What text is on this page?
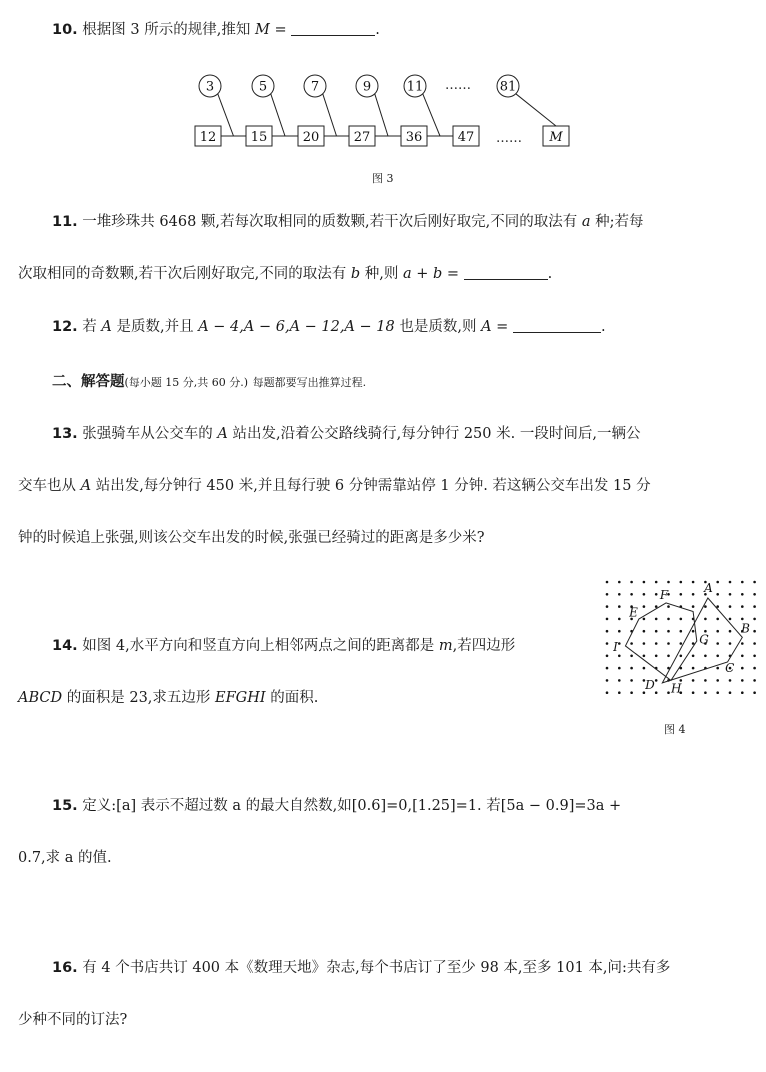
10. 根据图 3 所示的规律,推知 M =	.
3	5	7	9	11	81
12	15	20	27	36	47	M
……
……
图 3
11. 一堆珍珠共 6468 颗,若每次取相同的质数颗,若干次后刚好取完,不同的取法有 a 种;若每
次取相同的奇数颗,若干次后刚好取完,不同的取法有 b 种,则 a + b =	.
12. 若 A 是质数,并且 A − 4,A − 6,A − 12,A − 18 也是质数,则 A =	.
二、解答题(每小题 15 分,共 60 分.) 每题都要写出推算过程.
13. 张强骑车从公交车的 A 站出发,沿着公交路线骑行,每分钟行 250 米. 一段时间后,一辆公
交车也从 A 站出发,每分钟行 450 米,并且每行驶 6 分钟需靠站停 1 分钟. 若这辆公交车出发 15 分
钟的时候追上张强,则该公交车出发的时候,张强已经骑过的距离是多少米?
14. 如图 4,水平方向和竖直方向上相邻两点之间的距离都是 m,若四边形
ABCD 的面积是 23,求五边形 EFGHI 的面积.
A
B
C
D
E
F
G
H
I
图 4
15. 定义:[a] 表示不超过数 a 的最大自然数,如[0.6]=0,[1.25]=1. 若[5a − 0.9]=3a +
0.7,求 a 的值.
16. 有 4 个书店共订 400 本《数理天地》杂志,每个书店订了至少 98 本,至多 101 本,问:共有多
少种不同的订法?
